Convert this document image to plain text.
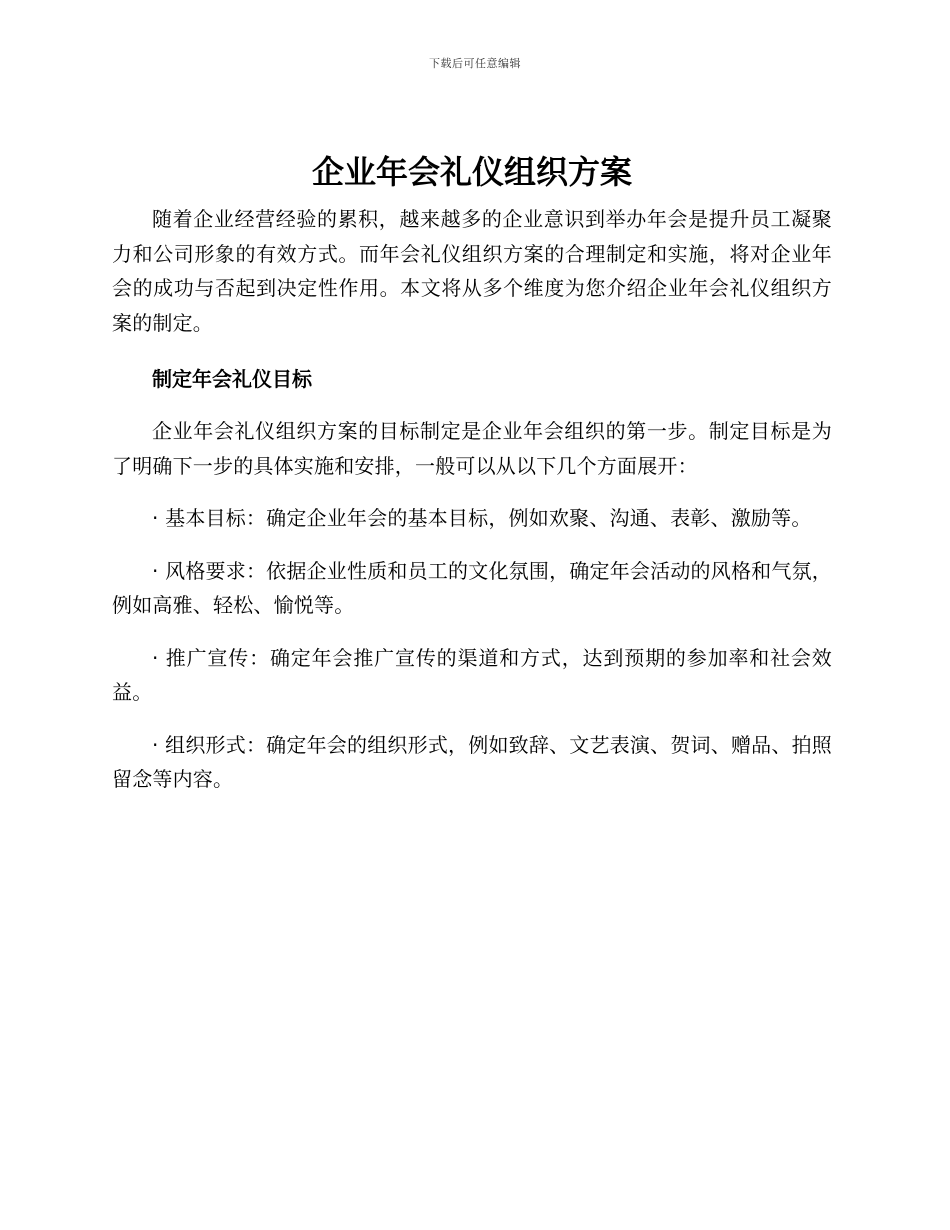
下载后可任意编辑
企业年会礼仪组织方案

随着企业经营经验的累积，越来越多的企业意识到举办年会是提升员工凝聚力和公司形象的有效方式。而年会礼仪组织方案的合理制定和实施，将对企业年会的成功与否起到决定性作用。本文将从多个维度为您介绍企业年会礼仪组织方案的制定。

制定年会礼仪目标

企业年会礼仪组织方案的目标制定是企业年会组织的第一步。制定目标是为了明确下一步的具体实施和安排，一般可以从以下几个方面展开：

· 基本目标：确定企业年会的基本目标，例如欢聚、沟通、表彰、激励等。

· 风格要求：依据企业性质和员工的文化氛围，确定年会活动的风格和气氛，例如高雅、轻松、愉悦等。

· 推广宣传：确定年会推广宣传的渠道和方式，达到预期的参加率和社会效益。

· 组织形式：确定年会的组织形式，例如致辞、文艺表演、贺词、赠品、拍照留念等内容。
